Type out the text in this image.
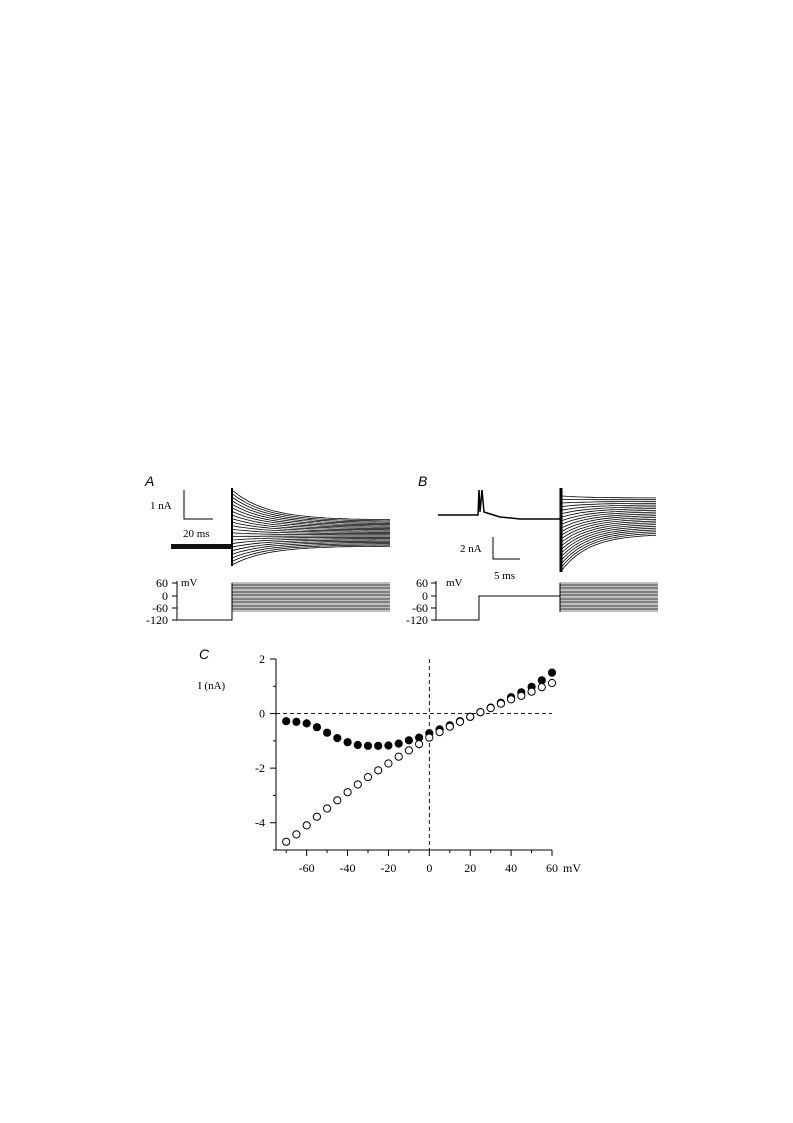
A
1 nA
20 ms
60
0
-60
-120
mV
B
2 nA
5 ms
60
0
-60
-120
mV
C
I (nA)
mV
2
0
-2
-4
-60 -40 -20 0	20 40 60
